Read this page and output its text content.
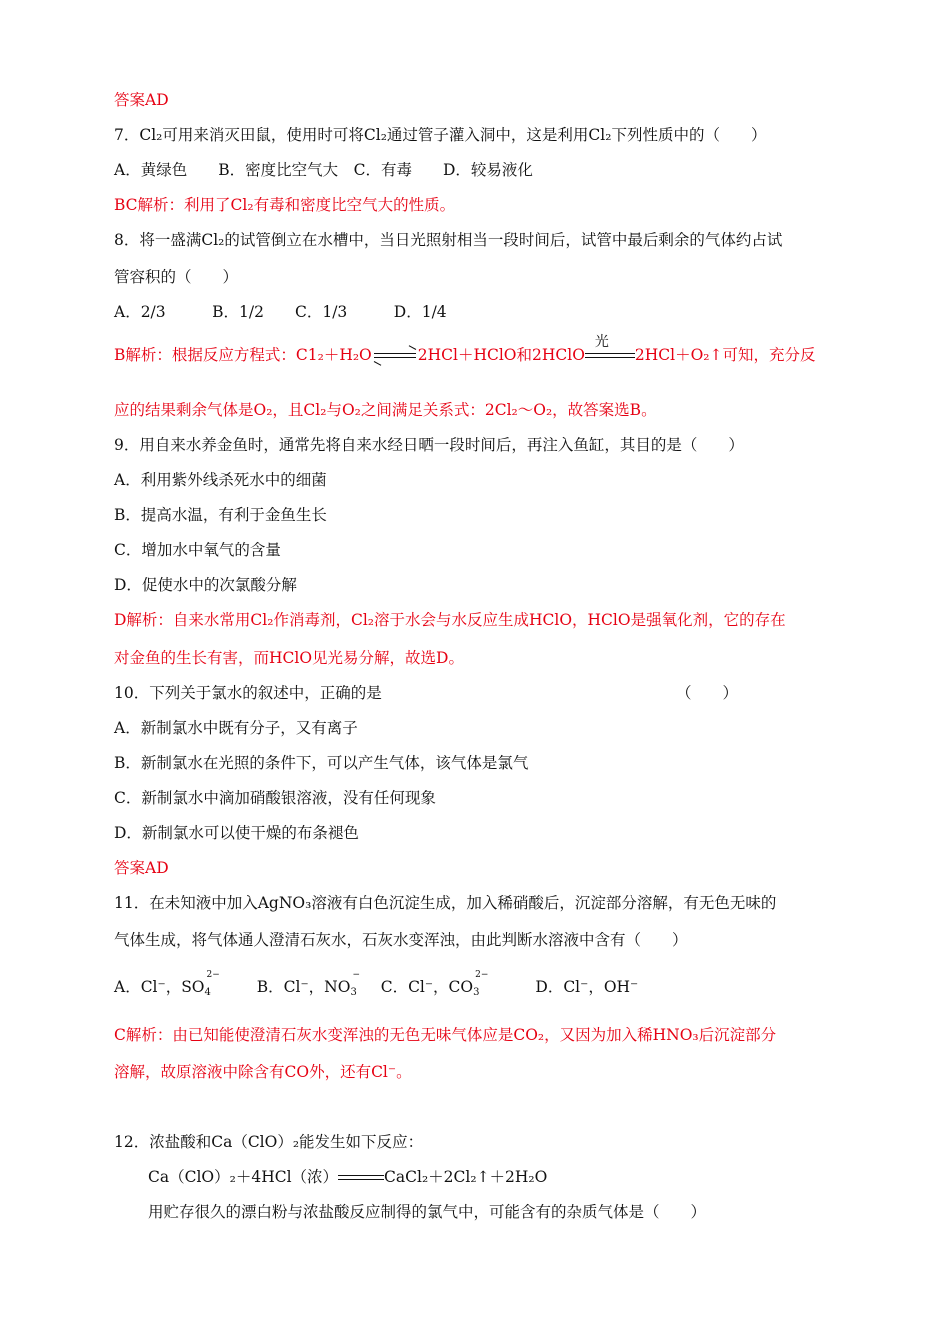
答案AD
7．Cl₂可用来消灭田鼠，使用时可将Cl₂通过管子灌入洞中，这是利用Cl₂下列性质中的（　　）
A．黄绿色　　B．密度比空气大　C．有毒　　D．较易液化
BC解析：利用了Cl₂有毒和密度比空气大的性质。
8．将一盛满Cl₂的试管倒立在水槽中，当日光照射相当一段时间后，试管中最后剩余的气体约占试
管容积的（　　）
A．2/3　　　B．1/2　　C．1/3　　　D．1/4
B解析：根据反应方程式：C1₂＋H₂O⇌2HCl＋HClO和2HClO
光
2HCl＋O₂↑可知，充分反
应的结果剩余气体是O₂，且Cl₂与O₂之间满足关系式：2Cl₂～O₂，故答案选B。
9．用自来水养金鱼时，通常先将自来水经日晒一段时间后，再注入鱼缸，其目的是（　　）
A．利用紫外线杀死水中的细菌
B．提高水温，有利于金鱼生长
C．增加水中氧气的含量
D．促使水中的次氯酸分解
D解析：自来水常用Cl₂作消毒剂，Cl₂溶于水会与水反应生成HClO，HClO是强氧化剂，它的存在
对金鱼的生长有害，而HClO见光易分解，故选D。
10．下列关于氯水的叙述中，正确的是	（　　）
A．新制氯水中既有分子，又有离子
B．新制氯水在光照的条件下，可以产生气体，该气体是氯气
C．新制氯水中滴加硝酸银溶液，没有任何现象
D．新制氯水可以使干燥的布条褪色
答案AD
11．在未知液中加入AgNO₃溶液有白色沉淀生成，加入稀硝酸后，沉淀部分溶解，有无色无味的
气体生成，将气体通人澄清石灰水，石灰水变浑浊，由此判断水溶液中含有（　　）
A．Cl⁻，SO
2−
$_4$	B．Cl⁻，NO
−
$_3$ C．Cl⁻，CO
2−
$_3$	D．Cl⁻，OH⁻
C解析：由已知能使澄清石灰水变浑浊的无色无味气体应是CO₂，又因为加入稀HNO₃后沉淀部分
溶解，故原溶液中除含有CO外，还有Cl⁻。
12．浓盐酸和Ca（ClO）₂能发生如下反应：
Ca（ClO）₂＋4HCl（浓）	CaCl₂＋2Cl₂↑＋2H₂O
用贮存很久的漂白粉与浓盐酸反应制得的氯气中，可能含有的杂质气体是（　　）
